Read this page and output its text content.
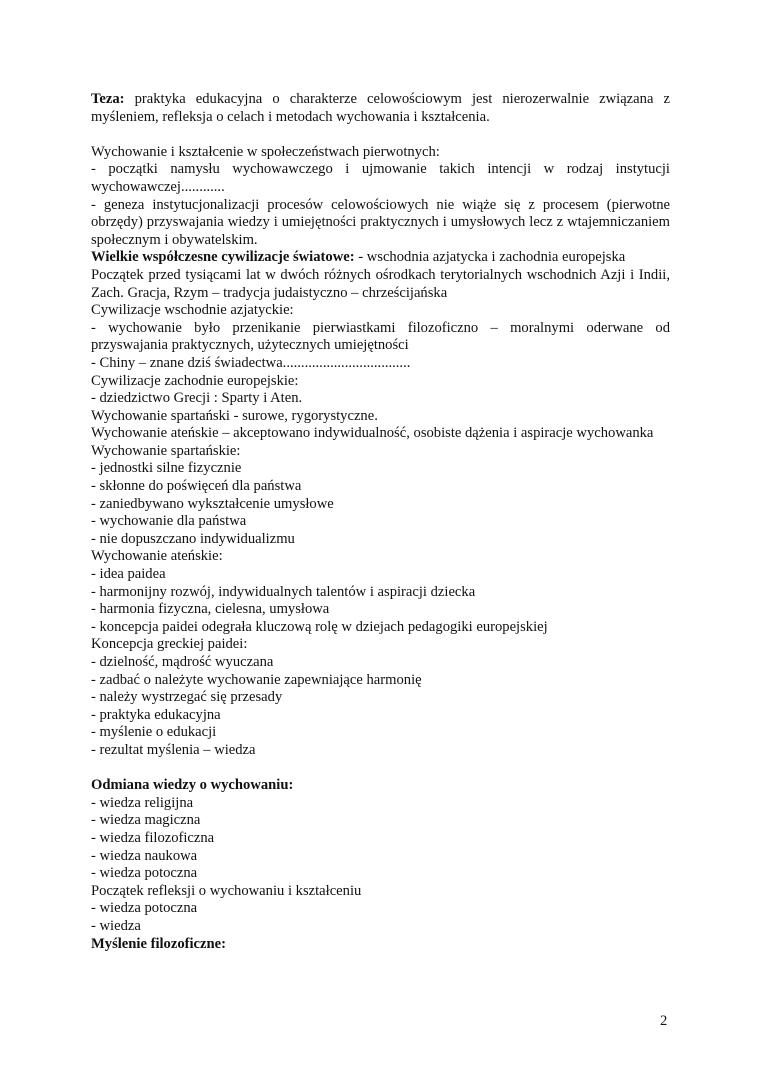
Teza: praktyka edukacyjna o charakterze celowościowym jest nierozerwalnie związana z myśleniem, refleksja o celach i metodach wychowania i kształcenia.

Wychowanie i kształcenie w społeczeństwach pierwotnych:

- początki namysłu wychowawczego i ujmowanie takich intencji w rodzaj instytucji wychowawczej............

- geneza instytucjonalizacji procesów celowościowych nie wiąże się z procesem (pierwotne obrzędy) przyswajania wiedzy i umiejętności praktycznych i umysłowych lecz z wtajemniczaniem społecznym i obywatelskim.

Wielkie współczesne cywilizacje światowe: - wschodnia azjatycka i zachodnia europejska

Początek przed tysiącami lat w dwóch różnych ośrodkach terytorialnych wschodnich Azji i Indii, Zach. Gracja, Rzym – tradycja judaistyczno – chrześcijańska

Cywilizacje wschodnie azjatyckie:

- wychowanie było przenikanie pierwiastkami filozoficzno – moralnymi oderwane od przyswajania praktycznych, użytecznych umiejętności

- Chiny – znane dziś świadectwa...................................

Cywilizacje zachodnie europejskie:

- dziedzictwo Grecji : Sparty i Aten.

Wychowanie spartański - surowe, rygorystyczne.

Wychowanie ateńskie – akceptowano indywidualność, osobiste dążenia i aspiracje wychowanka

Wychowanie spartańskie:

- jednostki silne fizycznie

- skłonne do poświęceń dla państwa

- zaniedbywano wykształcenie umysłowe

- wychowanie dla państwa

- nie dopuszczano indywidualizmu

Wychowanie ateńskie:

- idea paidea

- harmonijny rozwój, indywidualnych talentów i aspiracji dziecka

- harmonia fizyczna, cielesna, umysłowa

- koncepcja paidei odegrała kluczową rolę w dziejach pedagogiki europejskiej

Koncepcja greckiej paidei:

- dzielność, mądrość wyuczana

- zadbać o należyte wychowanie zapewniające harmonię

- należy wystrzegać się przesady

- praktyka edukacyjna

- myślenie o edukacji

- rezultat myślenia – wiedza

Odmiana wiedzy o wychowaniu:

- wiedza religijna

- wiedza magiczna

- wiedza filozoficzna

- wiedza naukowa

- wiedza potoczna

Początek refleksji o wychowaniu i kształceniu

- wiedza potoczna

- wiedza

Myślenie filozoficzne:

2
